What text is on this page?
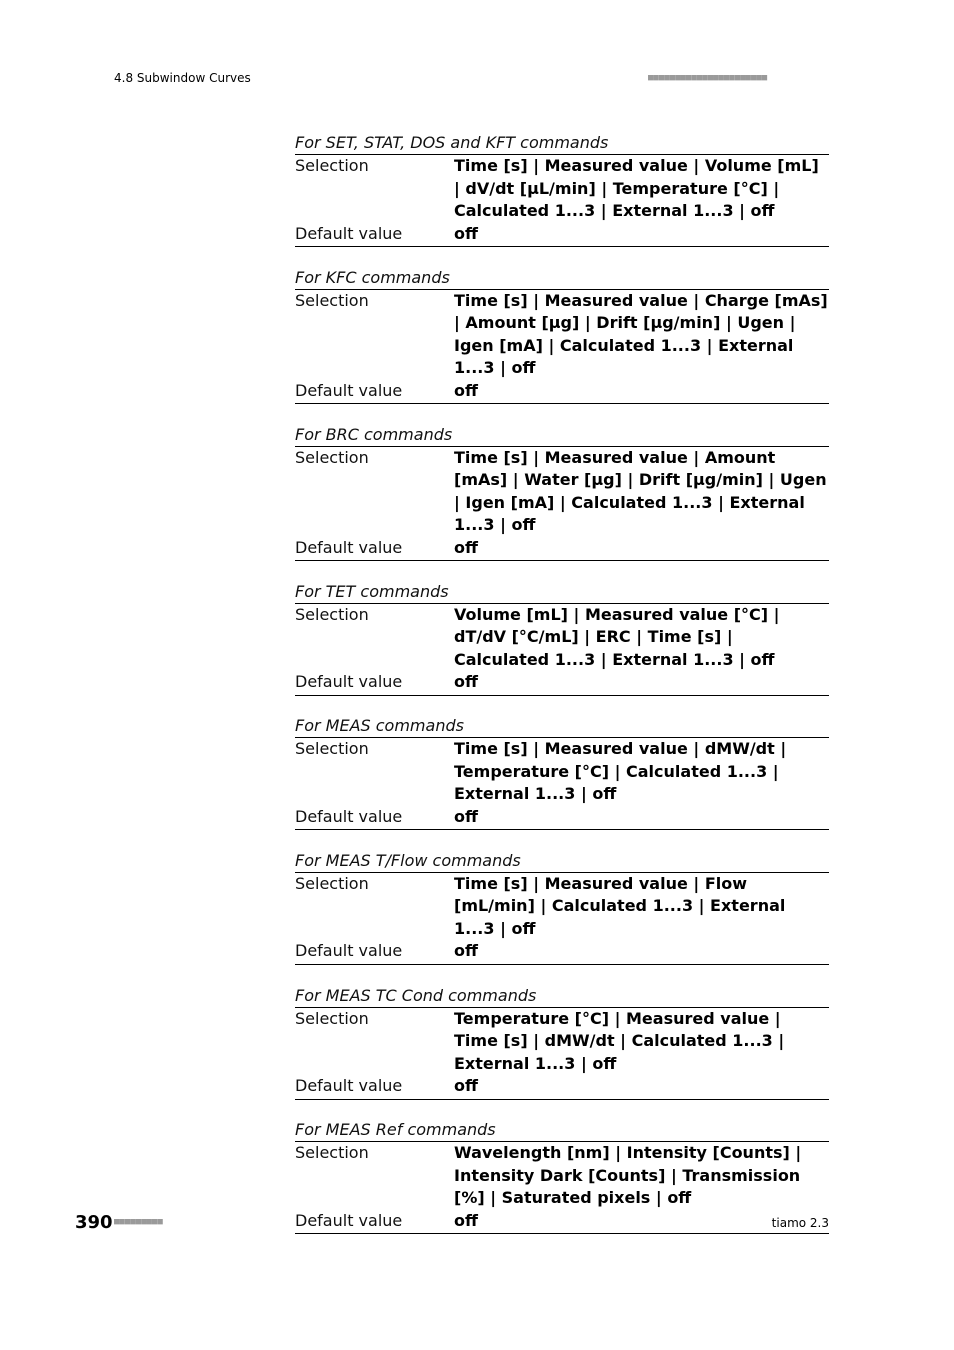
4.8 Subwindow Curves	■■■■■■■■■■■■■■■■■■■■■■
For SET, STAT, DOS and KFT commands
Selection	Time [s] | Measured value | Volume [mL] | dV/dt [µL/min] | Temperature [°C] | Calculated 1...3 | External 1...3 | off
Default value	off
For KFC commands
Selection	Time [s] | Measured value | Charge [mAs] | Amount [µg] | Drift [µg/min] | Ugen | Igen [mA] | Calculated 1...3 | External 1...3 | off
Default value	off
For BRC commands
Selection	Time [s] | Measured value | Amount [mAs] | Water [µg] | Drift [µg/min] | Ugen | Igen [mA] | Calculated 1...3 | External 1...3 | off
Default value	off
For TET commands
Selection	Volume [mL] | Measured value [°C] | dT/dV [°C/mL] | ERC | Time [s] | Calculated 1...3 | External 1...3 | off
Default value	off
For MEAS commands
Selection	Time [s] | Measured value | dMW/dt | Temperature [°C] | Calculated 1...3 | External 1...3 | off
Default value	off
For MEAS T/Flow commands
Selection	Time [s] | Measured value | Flow [mL/min] | Calculated 1...3 | External 1...3 | off
Default value	off
For MEAS TC Cond commands
Selection	Temperature [°C] | Measured value | Time [s] | dMW/dt | Calculated 1...3 | External 1...3 | off
Default value	off
For MEAS Ref commands
Selection	Wavelength [nm] | Intensity [Counts] | Intensity Dark [Counts] | Transmission [%] | Saturated pixels | off
Default value	off
390 ■■■■■■■■■	tiamo 2.3
